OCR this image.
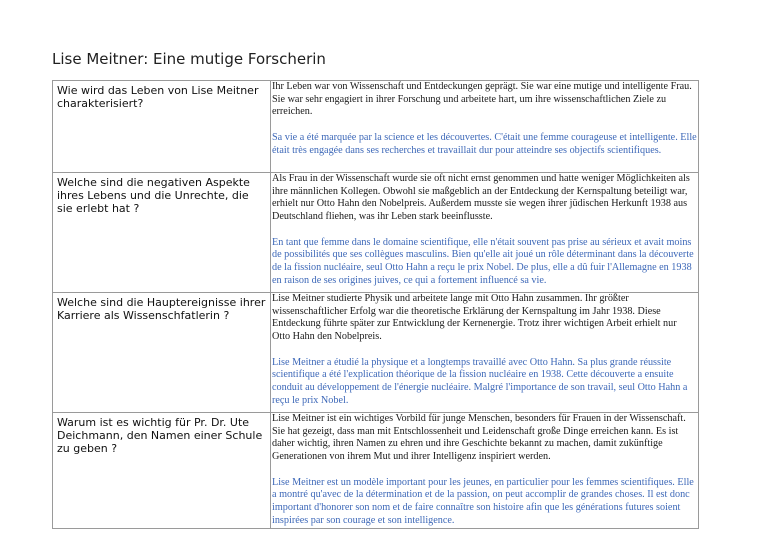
Lise Meitner: Eine mutige Forscherin
Wie wird das Leben von Lise Meitner charakterisiert?	Ihr Leben war von Wissenschaft und Entdeckungen geprägt. Sie war eine mutige und intelligente Frau. Sie war sehr engagiert in ihrer Forschung und arbeitete hart, um ihre wissenschaftlichen Ziele zu erreichen.
Sa vie a été marquée par la science et les découvertes. C'était une femme courageuse et intelligente. Elle était très engagée dans ses recherches et travaillait dur pour atteindre ses objectifs scientifiques.

Welche sind die negativen Aspekte ihres Lebens und die Unrechte, die sie erlebt hat ?	Als Frau in der Wissenschaft wurde sie oft nicht ernst genommen und hatte weniger Möglichkeiten als ihre männlichen Kollegen. Obwohl sie maßgeblich an der Entdeckung der Kernspaltung beteiligt war, erhielt nur Otto Hahn den Nobelpreis. Außerdem musste sie wegen ihrer jüdischen Herkunft 1938 aus Deutschland fliehen, was ihr Leben stark beeinflusste.
En tant que femme dans le domaine scientifique, elle n'était souvent pas prise au sérieux et avait moins de possibilités que ses collègues masculins. Bien qu'elle ait joué un rôle déterminant dans la découverte de la fission nucléaire, seul Otto Hahn a reçu le prix Nobel. De plus, elle a dû fuir l'Allemagne en 1938 en raison de ses origines juives, ce qui a fortement influencé sa vie.

Welche sind die Hauptereignisse ihrer Karriere als Wissenschfatlerin ?	Lise Meitner studierte Physik und arbeitete lange mit Otto Hahn zusammen. Ihr größter wissenschaftlicher Erfolg war die theoretische Erklärung der Kernspaltung im Jahr 1938. Diese Entdeckung führte später zur Entwicklung der Kernenergie. Trotz ihrer wichtigen Arbeit erhielt nur Otto Hahn den Nobelpreis.
Lise Meitner a étudié la physique et a longtemps travaillé avec Otto Hahn. Sa plus grande réussite scientifique a été l'explication théorique de la fission nucléaire en 1938. Cette découverte a ensuite conduit au développement de l'énergie nucléaire. Malgré l'importance de son travail, seul Otto Hahn a reçu le prix Nobel.

Warum ist es wichtig für Pr. Dr. Ute Deichmann, den Namen einer Schule zu geben ?	Lise Meitner ist ein wichtiges Vorbild für junge Menschen, besonders für Frauen in der Wissenschaft. Sie hat gezeigt, dass man mit Entschlossenheit und Leidenschaft große Dinge erreichen kann. Es ist daher wichtig, ihren Namen zu ehren und ihre Geschichte bekannt zu machen, damit zukünftige Generationen von ihrem Mut und ihrer Intelligenz inspiriert werden.
Lise Meitner est un modèle important pour les jeunes, en particulier pour les femmes scientifiques. Elle a montré qu'avec de la détermination et de la passion, on peut accomplir de grandes choses. Il est donc important d'honorer son nom et de faire connaître son histoire afin que les générations futures soient inspirées par son courage et son intelligence.
